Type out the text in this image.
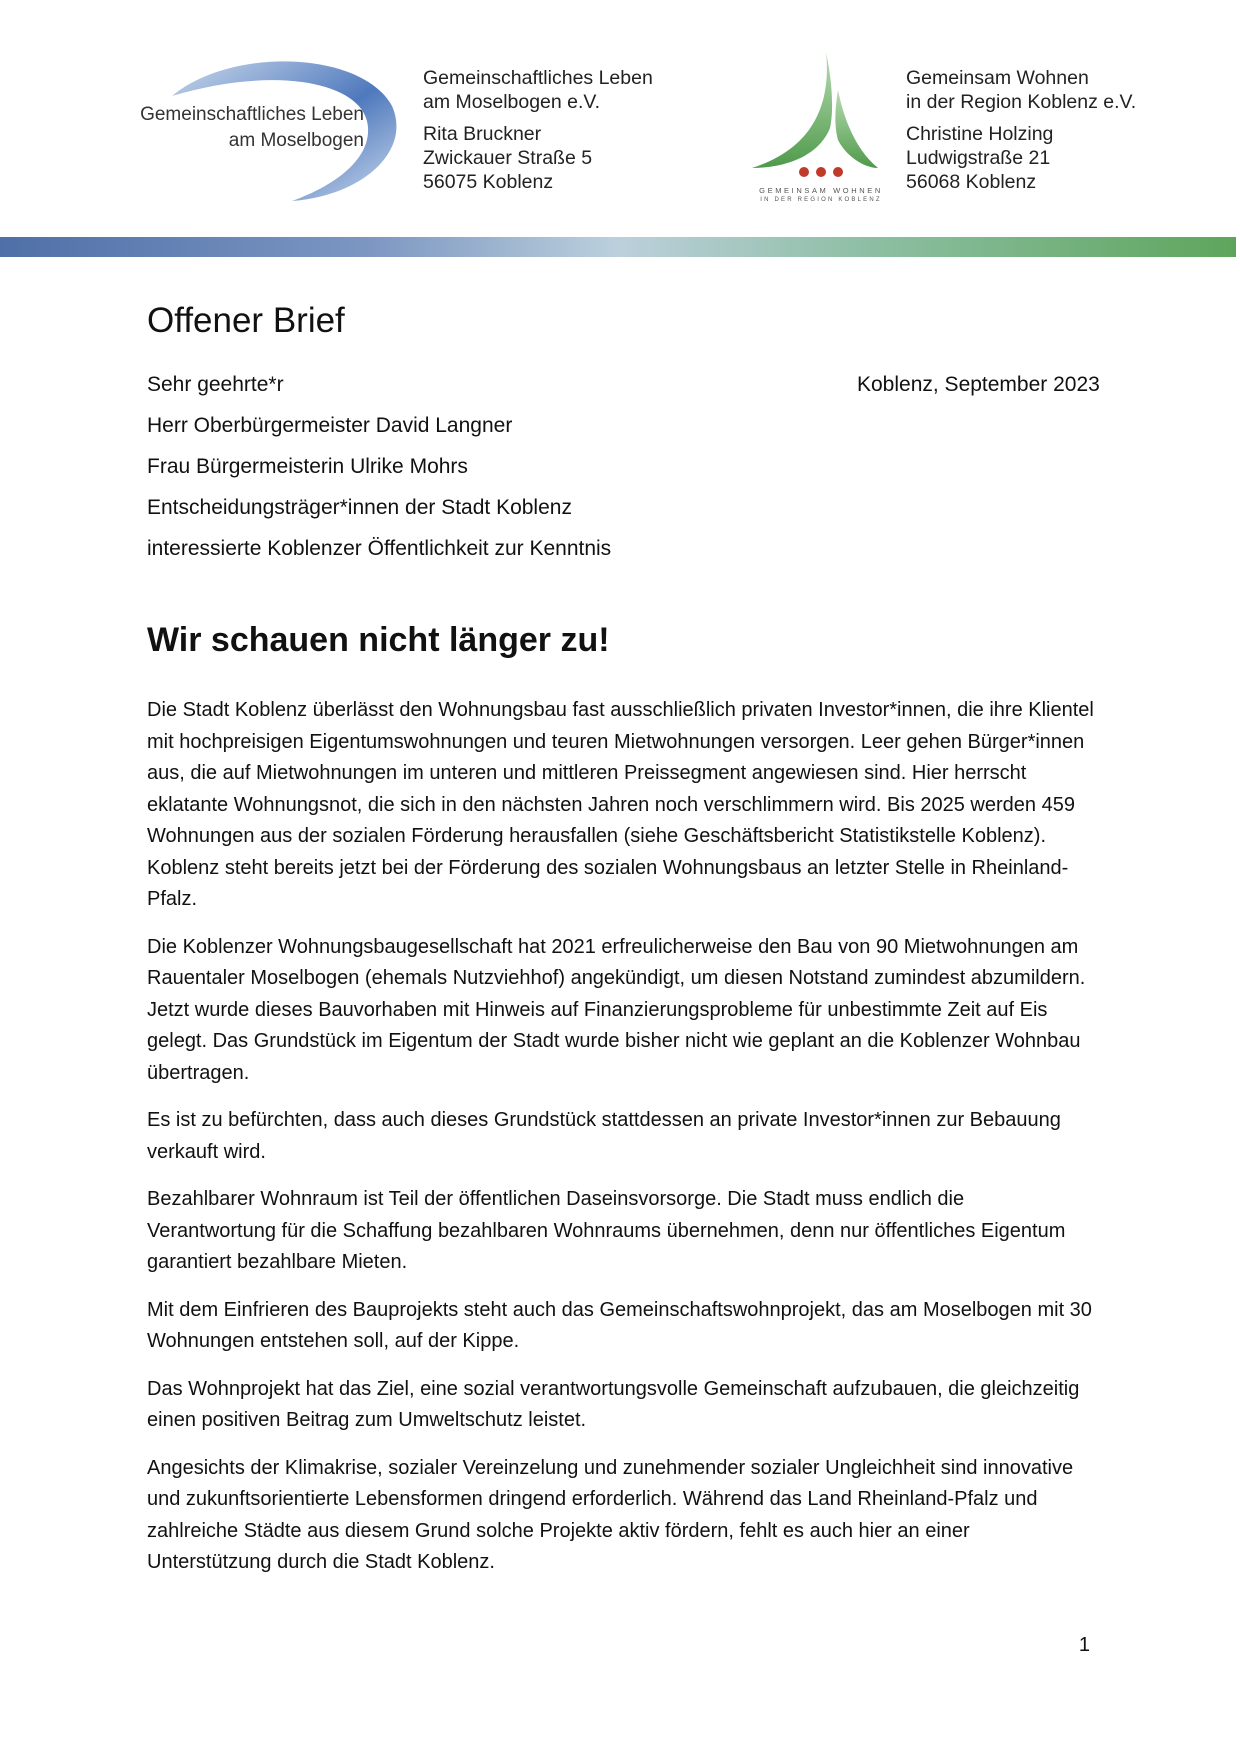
Gemeinschaftliches Leben
am Moselbogen
Gemeinschaftliches Leben
am Moselbogen e.V.
Rita Bruckner
Zwickauer Straße 5
56075 Koblenz	GEMEINSAM WOHNEN
IN DER REGION KOBLENZ
Gemeinsam Wohnen
in der Region Koblenz e.V.
Christine Holzing
Ludwigstraße 21
56068 Koblenz
Offener Brief
Koblenz, September 2023
Sehr geehrte*r
Herr Oberbürgermeister David Langner
Frau Bürgermeisterin Ulrike Mohrs
Entscheidungsträger*innen der Stadt Koblenz
interessierte Koblenzer Öffentlichkeit zur Kenntnis
Wir schauen nicht länger zu!

Die Stadt Koblenz überlässt den Wohnungsbau fast ausschließlich privaten Investor*innen, die ihre Klientel mit hochpreisigen Eigentumswohnungen und teuren Mietwohnungen versorgen. Leer gehen Bürger*innen aus, die auf Mietwohnungen im unteren und mittleren Preissegment angewiesen sind. Hier herrscht eklatante Wohnungsnot, die sich in den nächsten Jahren noch verschlimmern wird. Bis 2025 werden 459 Wohnungen aus der sozialen Förderung herausfallen (siehe Geschäftsbericht Statistikstelle Koblenz). Koblenz steht bereits jetzt bei der Förderung des sozialen Wohnungsbaus an letzter Stelle in Rheinland-Pfalz.

Die Koblenzer Wohnungsbaugesellschaft hat 2021 erfreulicherweise den Bau von 90 Mietwohnungen am Rauentaler Moselbogen (ehemals Nutzviehhof) angekündigt, um diesen Notstand zumindest abzumildern. Jetzt wurde dieses Bauvorhaben mit Hinweis auf Finanzierungsprobleme für unbestimmte Zeit auf Eis gelegt. Das Grundstück im Eigentum der Stadt wurde bisher nicht wie geplant an die Koblenzer Wohnbau übertragen.

Es ist zu befürchten, dass auch dieses Grundstück stattdessen an private Investor*innen zur Bebauung verkauft wird.

Bezahlbarer Wohnraum ist Teil der öffentlichen Daseinsvorsorge. Die Stadt muss endlich die Verantwortung für die Schaffung bezahlbaren Wohnraums übernehmen, denn nur öffentliches Eigentum garantiert bezahlbare Mieten.

Mit dem Einfrieren des Bauprojekts steht auch das Gemeinschaftswohnprojekt, das am Moselbogen mit 30 Wohnungen entstehen soll, auf der Kippe.

Das Wohnprojekt hat das Ziel, eine sozial verantwortungsvolle Gemeinschaft aufzubauen, die gleichzeitig einen positiven Beitrag zum Umweltschutz leistet.

Angesichts der Klimakrise, sozialer Vereinzelung und zunehmender sozialer Ungleichheit sind innovative und zukunftsorientierte Lebensformen dringend erforderlich. Während das Land Rheinland-Pfalz und zahlreiche Städte aus diesem Grund solche Projekte aktiv fördern, fehlt es auch hier an einer Unterstützung durch die Stadt Koblenz.

1
